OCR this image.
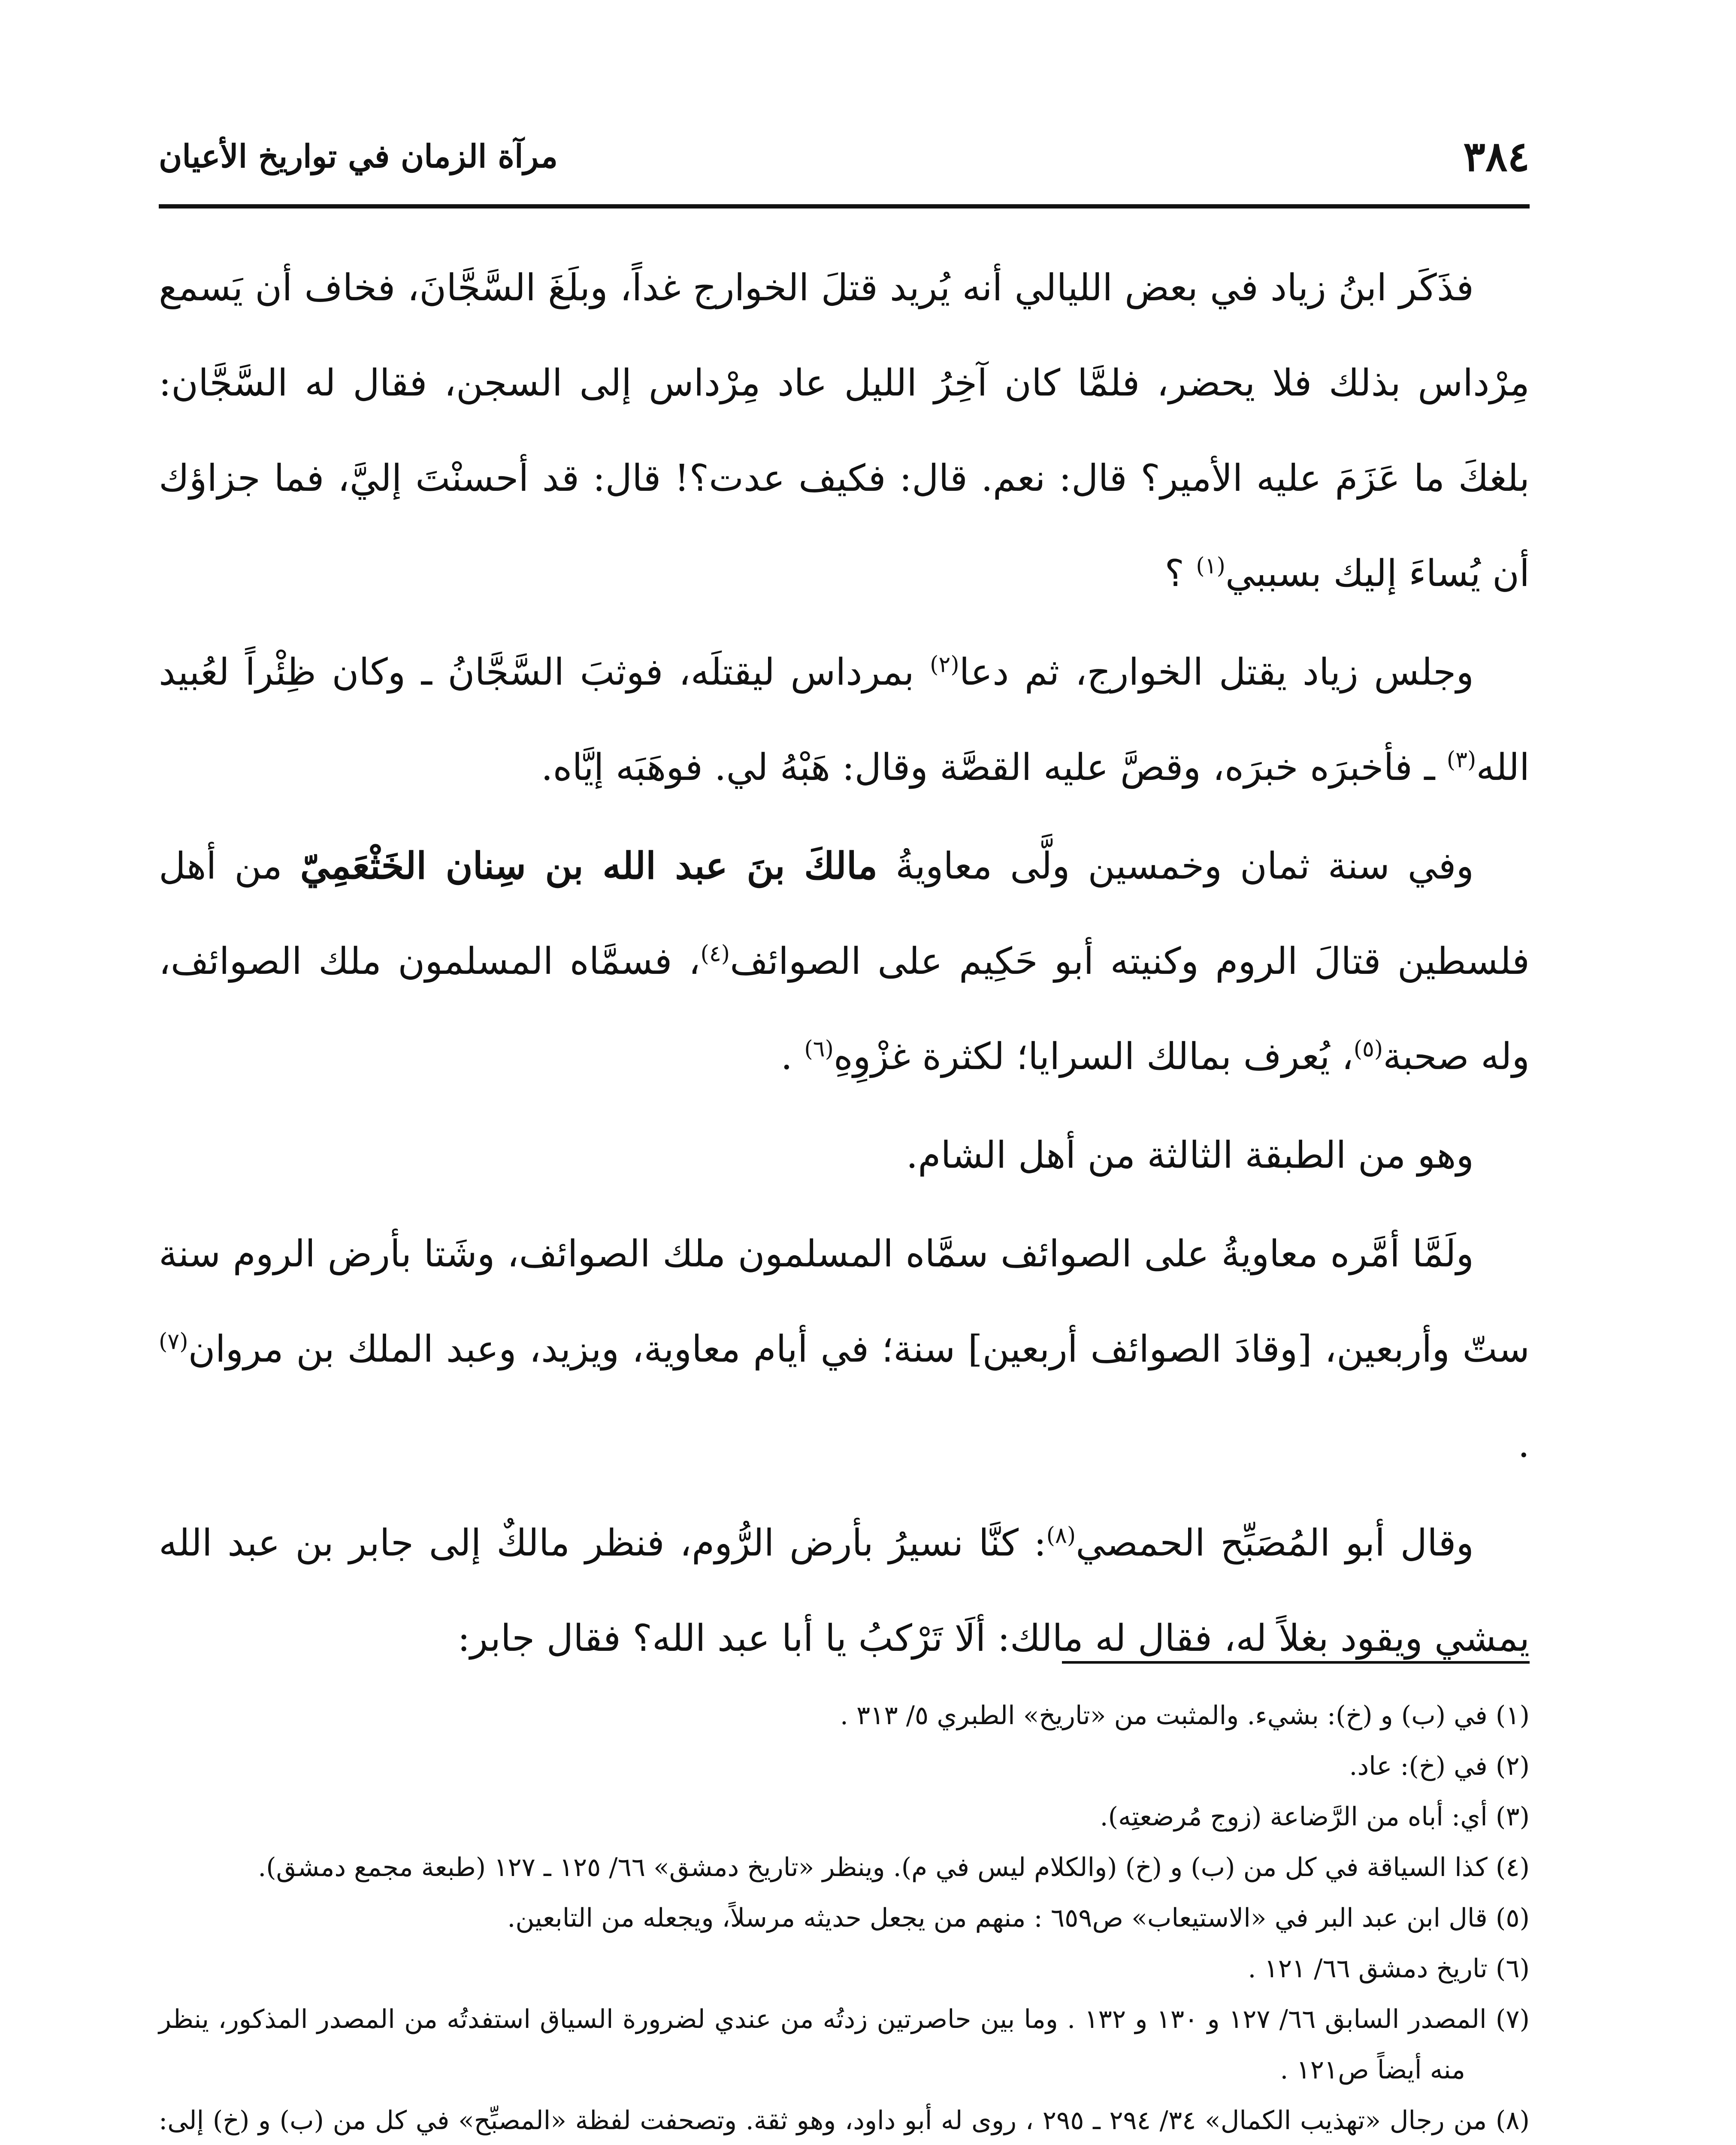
٣٨٤
مرآة الزمان في تواريخ الأعيان

فذَكَر ابنُ زياد في بعض الليالي أنه يُريد قتلَ الخوارج غداً، وبلَغَ السَّجَّانَ، فخاف أن يَسمع مِرْداس بذلك فلا يحضر، فلمَّا كان آخِرُ الليل عاد مِرْداس إلى السجن، فقال له السَّجَّان: بلغكَ ما عَزَمَ عليه الأمير؟ قال: نعم. قال: فكيف عدت؟! قال: قد أحسنْتَ إليَّ، فما جزاؤك أن يُساءَ إليك بسببي$^{(١)}$ ؟

وجلس زياد يقتل الخوارج، ثم دعا$^{(٢)}$ بمرداس ليقتلَه، فوثبَ السَّجَّانُ ـ وكان ظِئْراً لعُبيد الله$^{(٣)}$ ـ فأخبرَه خبرَه، وقصَّ عليه القصَّة وقال: هَبْهُ لي. فوهَبَه إيَّاه.

وفي سنة ثمان وخمسين ولَّى معاويةُ مالكَ بنَ عبد الله بن سِنان الخَثْعَمِيّ من أهل فلسطين قتالَ الروم وكنيته أبو حَكِيم على الصوائف$^{(٤)}$، فسمَّاه المسلمون ملك الصوائف، وله صحبة$^{(٥)}$، يُعرف بمالك السرايا؛ لكثرة غزْوِهِ$^{(٦)}$ .

وهو من الطبقة الثالثة من أهل الشام.

ولَمَّا أمَّره معاويةُ على الصوائف سمَّاه المسلمون ملك الصوائف، وشَتا بأرض الروم سنة ستّ وأربعين، [وقادَ الصوائف أربعين] سنة؛ في أيام معاوية، ويزيد، وعبد الملك بن مروان$^{(٧)}$ .

وقال أبو المُصَبِّح الحمصي$^{(٨)}$: كنَّا نسيرُ بأرض الرُّوم، فنظر مالكٌ إلى جابر بن عبد الله يمشي ويقود بغلاً له، فقال له مالك: ألَا تَرْكبُ يا أبا عبد الله؟ فقال جابر:

(١) في (ب) و (خ): بشيء. والمثبت من «تاريخ» الطبري ٥/ ٣١٣ .

(٢) في (خ): عاد.

(٣) أي: أباه من الرَّضاعة (زوج مُرضعتِه).

(٤) كذا السياقة في كل من (ب) و (خ) (والكلام ليس في م). وينظر «تاريخ دمشق» ٦٦/ ١٢٥ ـ ١٢٧ (طبعة مجمع دمشق).

(٥) قال ابن عبد البر في «الاستيعاب» ص٦٥٩ : منهم من يجعل حديثه مرسلاً، ويجعله من التابعين.

(٦) تاريخ دمشق ٦٦/ ١٢١ .

(٧) المصدر السابق ٦٦/ ١٢٧ و ١٣٠ و ١٣٢ . وما بين حاصرتين زدتُه من عندي لضرورة السياق استفدتُه من المصدر المذكور، ينظر منه أيضاً ص١٢١ .

(٨) من رجال «تهذيب الكمال» ٣٤/ ٢٩٤ ـ ٢٩٥ ، روى له أبو داود، وهو ثقة. وتصحفت لفظة «المصبِّح» في كل من (ب) و (خ) إلى:
